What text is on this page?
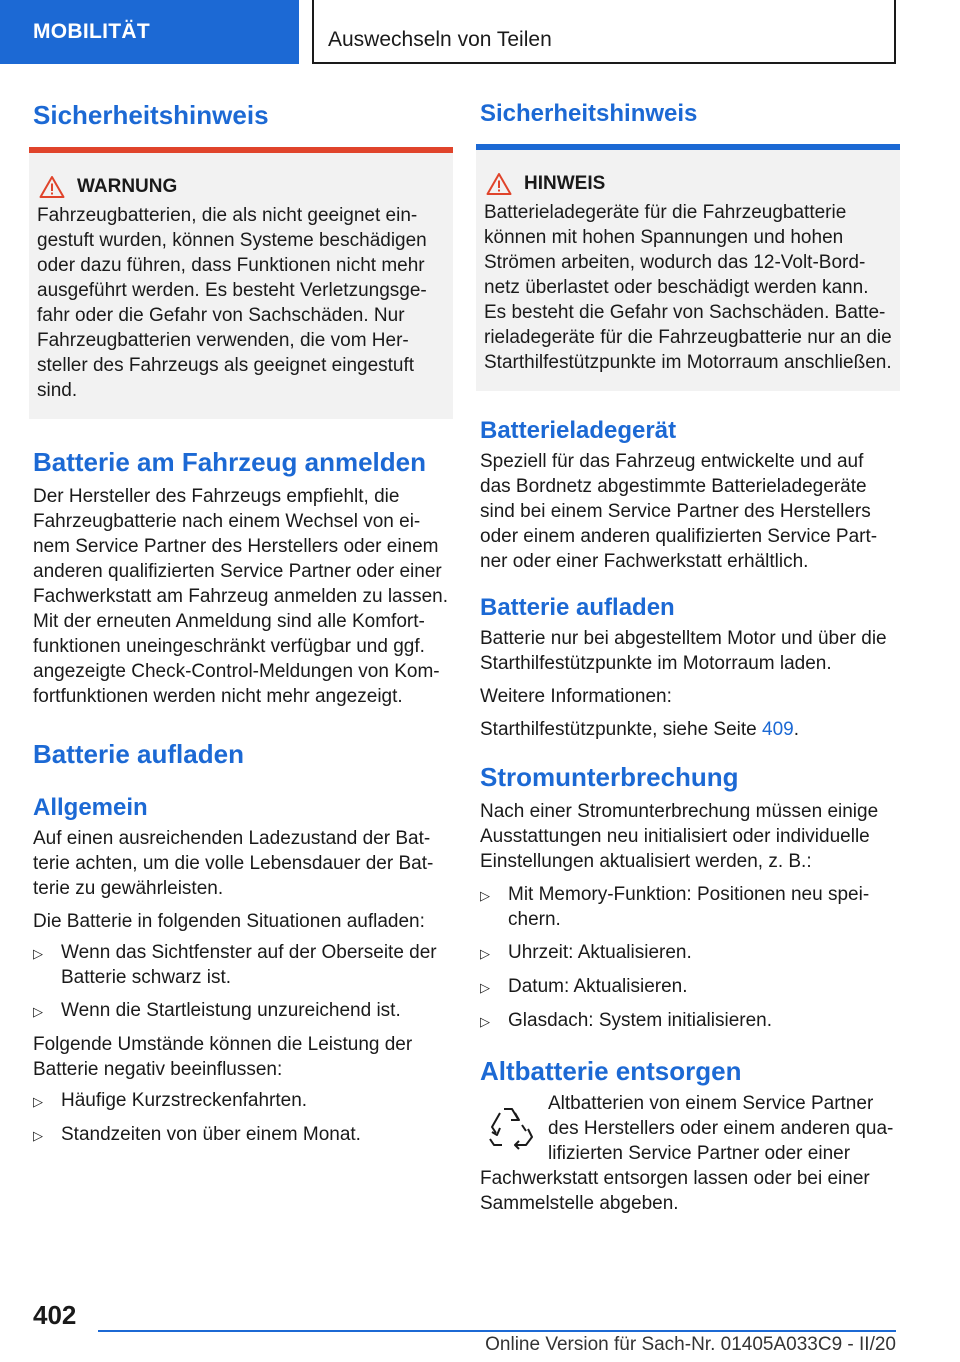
MOBILITÄT	Auswechseln von Teilen
Sicherheitshinweis
WARNUNG

Fahrzeugbatterien, die als nicht geeignet eingestuft wurden, können Systeme beschädigen oder dazu führen, dass Funktionen nicht mehr ausgeführt werden. Es besteht Verletzungsgefahr oder die Gefahr von Sachschäden. Nur Fahrzeugbatterien verwenden, die vom Hersteller des Fahrzeugs als geeignet eingestuft sind.

Batterie am Fahrzeug anmelden

Der Hersteller des Fahrzeugs empfiehlt, die Fahrzeugbatterie nach einem Wechsel von einem Service Partner des Herstellers oder einem anderen qualifizierten Service Partner oder einer Fachwerkstatt am Fahrzeug anmelden zu lassen. Mit der erneuten Anmeldung sind alle Komfortfunktionen uneingeschränkt verfügbar und ggf. angezeigte Check-Control-Meldungen von Komfortfunktionen werden nicht mehr angezeigt.

Batterie aufladen
Allgemein

Auf einen ausreichenden Ladezustand der Batterie achten, um die volle Lebensdauer der Batterie zu gewährleisten.

Die Batterie in folgenden Situationen aufladen:

▷ Wenn das Sichtfenster auf der Oberseite der Batterie schwarz ist.
▷ Wenn die Startleistung unzureichend ist.

Folgende Umstände können die Leistung der Batterie negativ beeinflussen:

▷ Häufige Kurzstreckenfahrten.
▷ Standzeiten von über einem Monat.
Sicherheitshinweis
HINWEIS

Batterieladegeräte für die Fahrzeugbatterie können mit hohen Spannungen und hohen Strömen arbeiten, wodurch das 12-Volt-Bordnetz überlastet oder beschädigt werden kann. Es besteht die Gefahr von Sachschäden. Batterieladegeräte für die Fahrzeugbatterie nur an die Starthilfestützpunkte im Motorraum anschließen.

Batterieladegerät

Speziell für das Fahrzeug entwickelte und auf das Bordnetz abgestimmte Batterieladegeräte sind bei einem Service Partner des Herstellers oder einem anderen qualifizierten Service Partner oder einer Fachwerkstatt erhältlich.

Batterie aufladen

Batterie nur bei abgestelltem Motor und über die Starthilfestützpunkte im Motorraum laden.

Weitere Informationen:

Starthilfestützpunkte, siehe Seite 409.

Stromunterbrechung

Nach einer Stromunterbrechung müssen einige Ausstattungen neu initialisiert oder individuelle Einstellungen aktualisiert werden, z. B.:

▷ Mit Memory-Funktion: Positionen neu speichern.
▷ Uhrzeit: Aktualisieren.
▷ Datum: Aktualisieren.
▷ Glasdach: System initialisieren.
Altbatterie entsorgen

Altbatterien von einem Service Partner des Herstellers oder einem anderen qualifizierten Service Partner oder einer Fachwerkstatt entsorgen lassen oder bei einer Sammelstelle abgeben.

402
Online Version für Sach-Nr. 01405A033C9 - II/20
